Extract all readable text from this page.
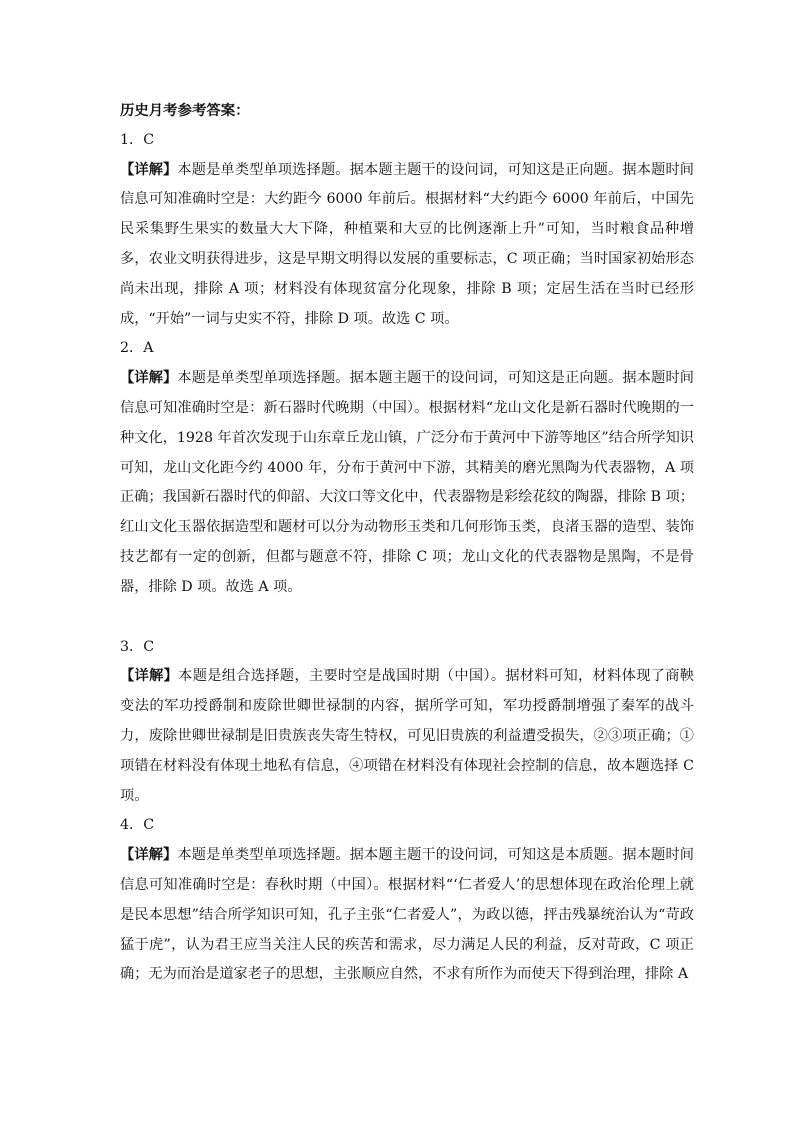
历史月考参考答案：
1．C

【详解】本题是单类型单项选择题。据本题主题干的设问词，可知这是正向题。据本题时间信息可知准确时空是：大约距今 6000 年前后。根据材料“大约距今 6000 年前后，中国先民采集野生果实的数量大大下降，种植粟和大豆的比例逐渐上升”可知，当时粮食品种增多，农业文明获得进步，这是早期文明得以发展的重要标志，C 项正确；当时国家初始形态尚未出现，排除 A 项；材料没有体现贫富分化现象，排除 B 项；定居生活在当时已经形成，“开始”一词与史实不符，排除 D 项。故选 C 项。

2．A

【详解】本题是单类型单项选择题。据本题主题干的设问词，可知这是正向题。据本题时间信息可知准确时空是：新石器时代晚期（中国）。根据材料“龙山文化是新石器时代晚期的一种文化，1928 年首次发现于山东章丘龙山镇，广泛分布于黄河中下游等地区”结合所学知识可知，龙山文化距今约 4000 年，分布于黄河中下游，其精美的磨光黑陶为代表器物，A 项正确；我国新石器时代的仰韶、大汶口等文化中，代表器物是彩绘花纹的陶器，排除 B 项；红山文化玉器依据造型和题材可以分为动物形玉类和几何形饰玉类，良渚玉器的造型、装饰技艺都有一定的创新，但都与题意不符，排除 C 项；龙山文化的代表器物是黑陶，不是骨器，排除 D 项。故选 A 项。

3．C

【详解】本题是组合选择题，主要时空是战国时期（中国）。据材料可知，材料体现了商鞅变法的军功授爵制和废除世卿世禄制的内容，据所学可知，军功授爵制增强了秦军的战斗力，废除世卿世禄制是旧贵族丧失寄生特权，可见旧贵族的利益遭受损失，②③项正确；①项错在材料没有体现土地私有信息，④项错在材料没有体现社会控制的信息，故本题选择 C 项。

4．C

【详解】本题是单类型单项选择题。据本题主题干的设问词，可知这是本质题。据本题时间信息可知准确时空是：春秋时期（中国）。根据材料“‘仁者爱人’的思想体现在政治伦理上就是民本思想”结合所学知识可知，孔子主张“仁者爱人”，为政以德，抨击残暴统治认为“苛政猛于虎”，认为君王应当关注人民的疾苦和需求，尽力满足人民的利益，反对苛政，C 项正确；无为而治是道家老子的思想，主张顺应自然，不求有所作为而使天下得到治理，排除 A
